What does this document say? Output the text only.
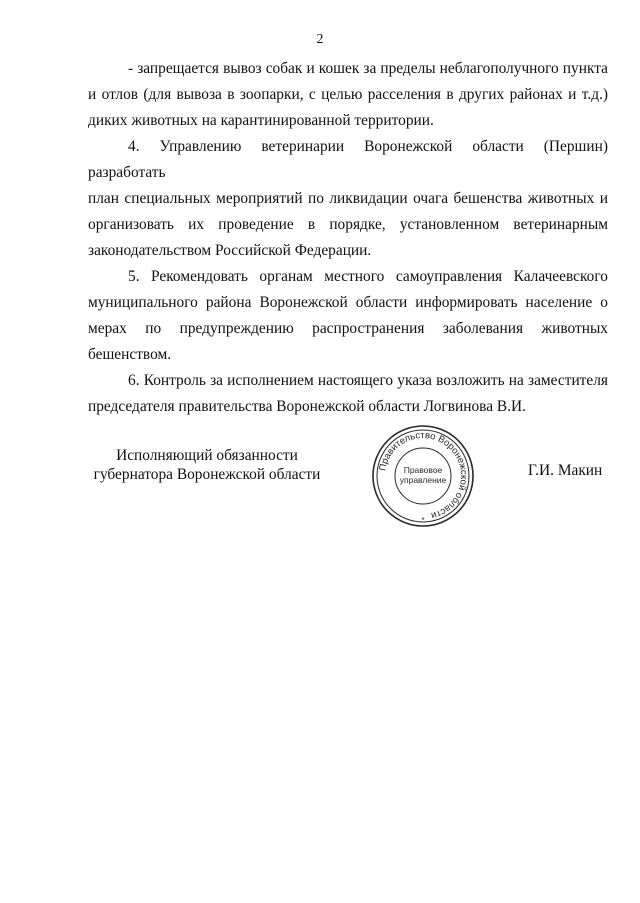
2

- запрещается вывоз собак и кошек за пределы неблагополучного пункта
и отлов (для вывоза в зоопарки, с целью расселения в других районах и т.д.)
диких животных на карантинированной территории.

4. Управлению ветеринарии Воронежской области (Першин) разработать
план специальных мероприятий по ликвидации очага бешенства животных и
организовать их проведение в порядке, установленном ветеринарным
законодательством Российской Федерации.

5. Рекомендовать органам местного самоуправления Калачеевского
муниципального района Воронежской области информировать население о
мерах по предупреждению распространения заболевания животных
бешенством.

6. Контроль за исполнением настоящего указа возложить на заместителя
председателя правительства Воронежской области Логвинова В.И.

Исполняющий обязанности
губернатора Воронежской области	Правительство Воронежской области
Правовое
управление
*
Г.И. Макин
